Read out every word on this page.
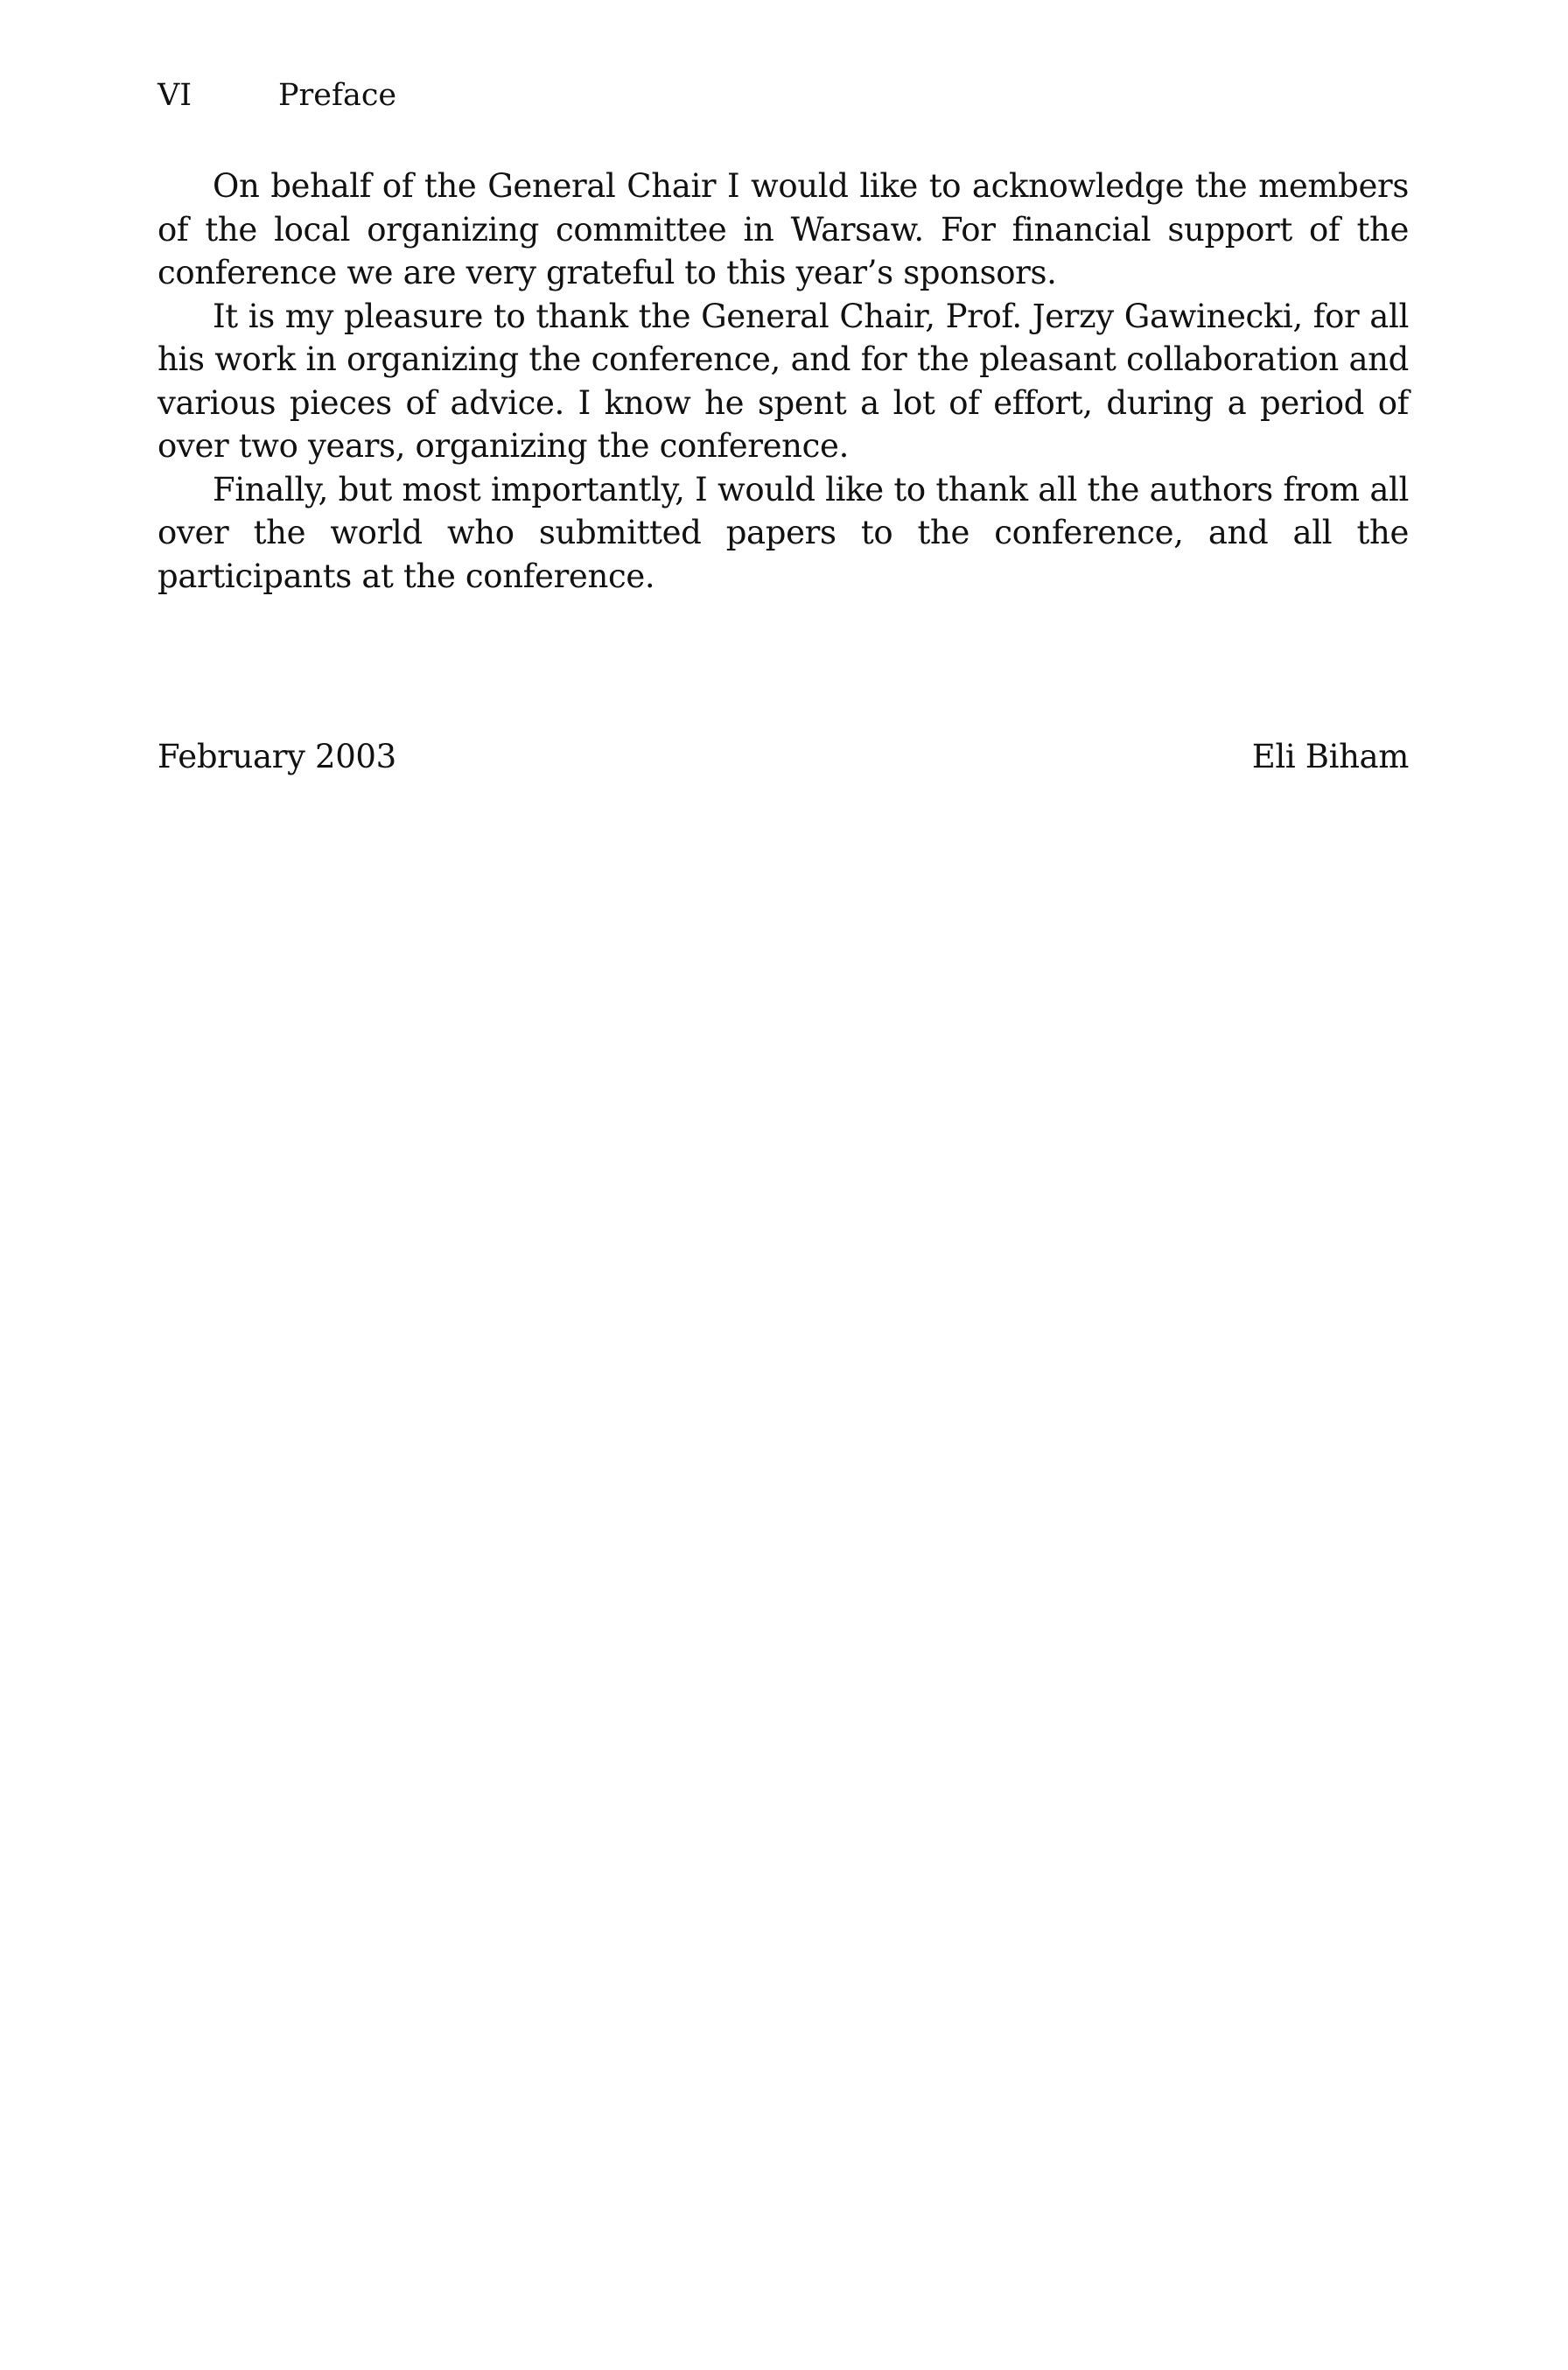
VI	Preface

On behalf of the General Chair I would like to acknowledge the members of the local organizing committee in Warsaw. For financial support of the conference we are very grateful to this year’s sponsors.

It is my pleasure to thank the General Chair, Prof. Jerzy Gawinecki, for all his work in organizing the conference, and for the pleasant collaboration and various pieces of advice. I know he spent a lot of effort, during a period of over two years, organizing the conference.

Finally, but most importantly, I would like to thank all the authors from all over the world who submitted papers to the conference, and all the participants at the conference.

February 2003	Eli Biham
